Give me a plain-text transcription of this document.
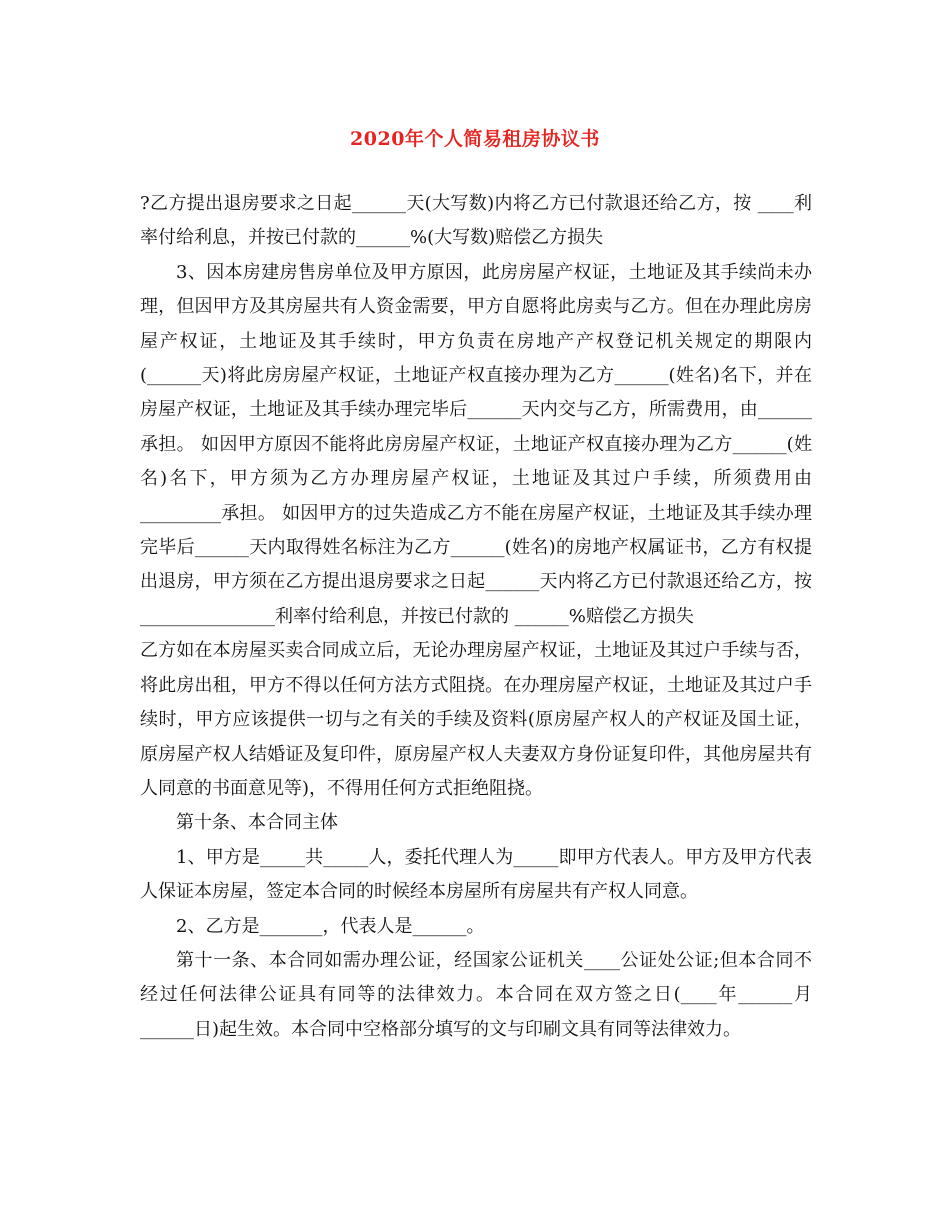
2020年个人简易租房协议书

?乙方提出退房要求之日起______天(大写数)内将乙方已付款退还给乙方，按 ____利率付给利息，并按已付款的______%(大写数)赔偿乙方损失

3、因本房建房售房单位及甲方原因，此房房屋产权证，土地证及其手续尚未办理，但因甲方及其房屋共有人资金需要，甲方自愿将此房卖与乙方。但在办理此房房屋产权证，土地证及其手续时，甲方负责在房地产产权登记机关规定的期限内(______天)将此房房屋产权证，土地证产权直接办理为乙方______(姓名)名下，并在房屋产权证，土地证及其手续办理完毕后______天内交与乙方，所需费用，由______承担。 如因甲方原因不能将此房房屋产权证，土地证产权直接办理为乙方______(姓名)名下，甲方须为乙方办理房屋产权证，土地证及其过户手续，所须费用由 _________承担。 如因甲方的过失造成乙方不能在房屋产权证，土地证及其手续办理完毕后______天内取得姓名标注为乙方______(姓名)的房地产权属证书，乙方有权提出退房，甲方须在乙方提出退房要求之日起______天内将乙方已付款退还给乙方，按_______________利率付给利息，并按已付款的 ______%赔偿乙方损失

乙方如在本房屋买卖合同成立后，无论办理房屋产权证，土地证及其过户手续与否，将此房出租，甲方不得以任何方法方式阻挠。在办理房屋产权证，土地证及其过户手续时，甲方应该提供一切与之有关的手续及资料(原房屋产权人的产权证及国土证，原房屋产权人结婚证及复印件，原房屋产权人夫妻双方身份证复印件，其他房屋共有人同意的书面意见等)，不得用任何方式拒绝阻挠。

第十条、本合同主体

1、甲方是_____共_____人，委托代理人为_____即甲方代表人。甲方及甲方代表人保证本房屋，签定本合同的时候经本房屋所有房屋共有产权人同意。

2、乙方是_______，代表人是______。

第十一条、本合同如需办理公证，经国家公证机关____公证处公证;但本合同不经过任何法律公证具有同等的法律效力。本合同在双方签之日(____年______月______日)起生效。本合同中空格部分填写的文与印刷文具有同等法律效力。
